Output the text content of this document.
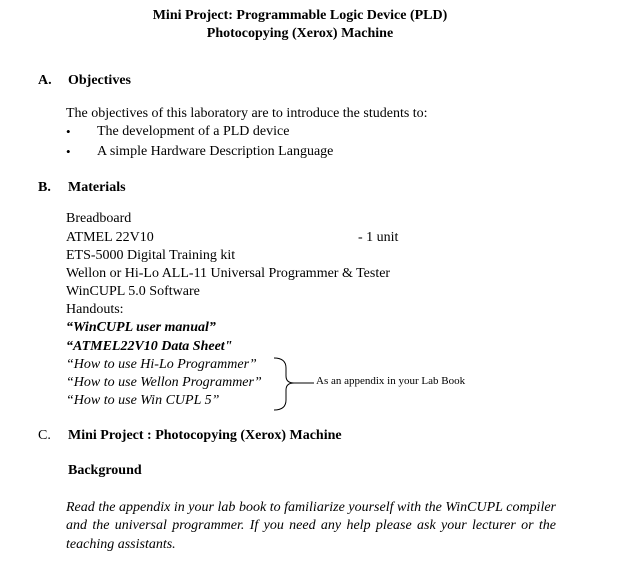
Mini Project: Programmable Logic Device (PLD)
Photocopying (Xerox) Machine
A. Objectives
The objectives of this laboratory are to introduce the students to:
• The development of a PLD device
• A simple Hardware Description Language
B. Materials
Breadboard
ATMEL 22V10	- 1 unit
ETS-5000 Digital Training kit
Wellon or Hi-Lo ALL-11 Universal Programmer & Tester
WinCUPL 5.0 Software
Handouts:
“WinCUPL user manual”
“ATMEL22V10 Data Sheet"
“How to use Hi-Lo Programmer”
“How to use Wellon Programmer”
“How to use Win CUPL 5”
As an appendix in your Lab Book
C. Mini Project : Photocopying (Xerox) Machine
Background
Read the appendix in your lab book to familiarize yourself with the WinCUPL compiler
and the universal programmer. If you need any help please ask your lecturer or the
teaching assistants.
